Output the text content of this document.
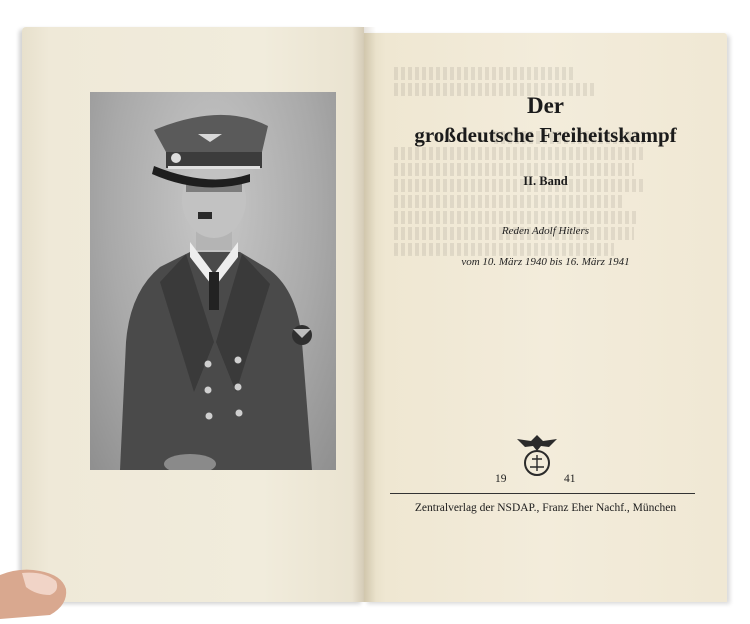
Der
großdeutsche Freiheitskampf
II. Band
Reden Adolf Hitlers
vom 10. März 1940 bis 16. März 1941
19	41
Zentralverlag der NSDAP., Franz Eher Nachf., München
